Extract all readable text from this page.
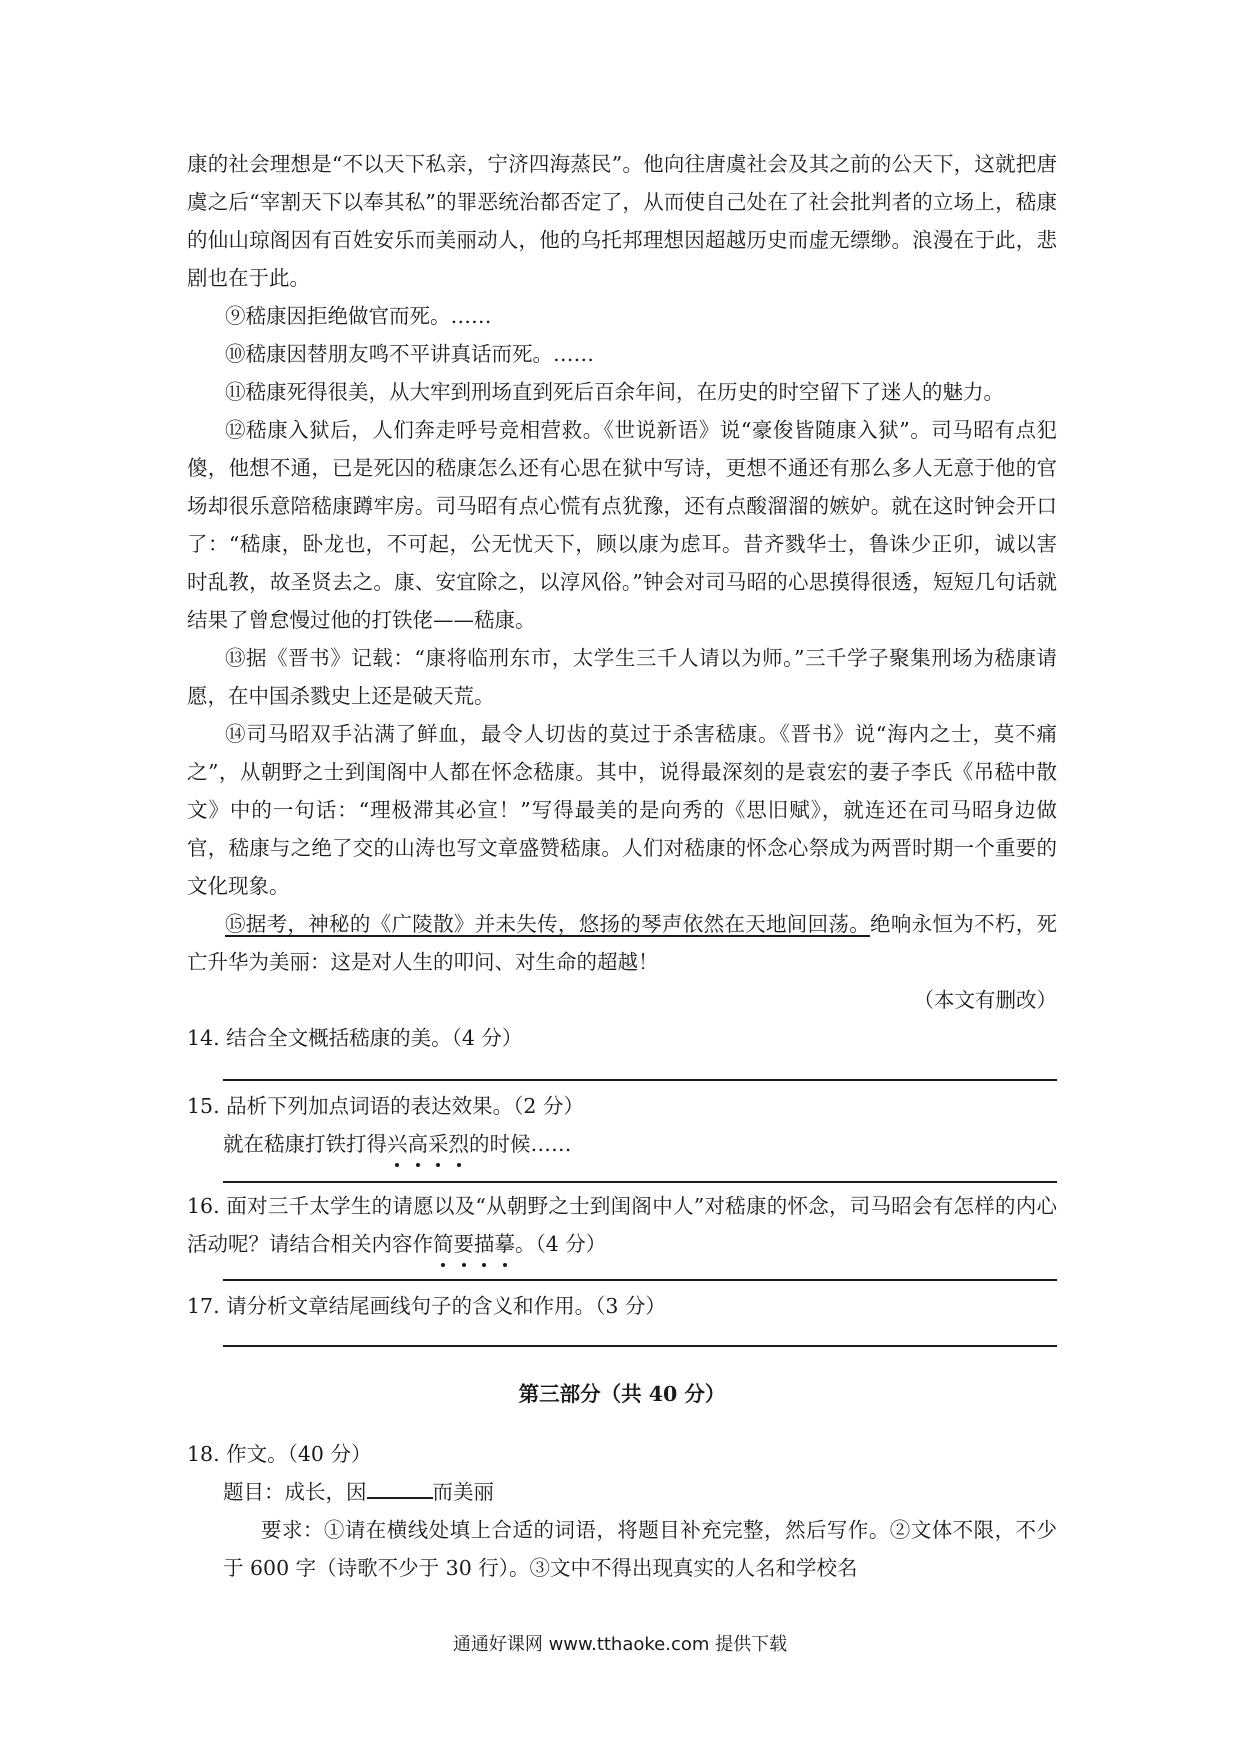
康的社会理想是“不以天下私亲，宁济四海蒸民”。他向往唐虞社会及其之前的公天下，这就把唐虞之后“宰割天下以奉其私”的罪恶统治都否定了，从而使自己处在了社会批判者的立场上，嵇康的仙山琼阁因有百姓安乐而美丽动人，他的乌托邦理想因超越历史而虚无缥缈。浪漫在于此，悲剧也在于此。

⑨嵇康因拒绝做官而死。……

⑩嵇康因替朋友鸣不平讲真话而死。……

⑪嵇康死得很美，从大牢到刑场直到死后百余年间，在历史的时空留下了迷人的魅力。

⑫嵇康入狱后，人们奔走呼号竞相营救。《世说新语》说“豪俊皆随康入狱”。司马昭有点犯傻，他想不通，已是死囚的嵇康怎么还有心思在狱中写诗，更想不通还有那么多人无意于他的官场却很乐意陪嵇康蹲牢房。司马昭有点心慌有点犹豫，还有点酸溜溜的嫉妒。就在这时钟会开口了：“嵇康，卧龙也，不可起，公无忧天下，顾以康为虑耳。昔齐戮华士，鲁诛少正卯，诚以害时乱教，故圣贤去之。康、安宜除之，以淳风俗。”钟会对司马昭的心思摸得很透，短短几句话就结果了曾怠慢过他的打铁佬——嵇康。

⑬据《晋书》记载：“康将临刑东市，太学生三千人请以为师。”三千学子聚集刑场为嵇康请愿，在中国杀戮史上还是破天荒。

⑭司马昭双手沾满了鲜血，最令人切齿的莫过于杀害嵇康。《晋书》说“海内之士，莫不痛之”，从朝野之士到闺阁中人都在怀念嵇康。其中，说得最深刻的是袁宏的妻子李氏《吊嵇中散文》中的一句话：“理极滞其必宣！”写得最美的是向秀的《思旧赋》，就连还在司马昭身边做官，嵇康与之绝了交的山涛也写文章盛赞嵇康。人们对嵇康的怀念心祭成为两晋时期一个重要的文化现象。

⑮据考，神秘的《广陵散》并未失传，悠扬的琴声依然在天地间回荡。绝响永恒为不朽，死亡升华为美丽：这是对人生的叩问、对生命的超越！

（本文有删改）

14. 结合全文概括嵇康的美。（4 分）

15. 品析下列加点词语的表达效果。（2 分）

就在嵇康打铁打得兴高采烈的时候……

16. 面对三千太学生的请愿以及“从朝野之士到闺阁中人”对嵇康的怀念，司马昭会有怎样的内心活动呢？请结合相关内容作简要描摹。（4 分）

17. 请分析文章结尾画线句子的含义和作用。（3 分）

第三部分（共 40 分）

18. 作文。（40 分）

题目：成长，因	而美丽

要求：①请在横线处填上合适的词语，将题目补充完整，然后写作。②文体不限，不少于 600 字（诗歌不少于 30 行）。③文中不得出现真实的人名和学校名

通通好课网 www.tthaoke.com 提供下载
